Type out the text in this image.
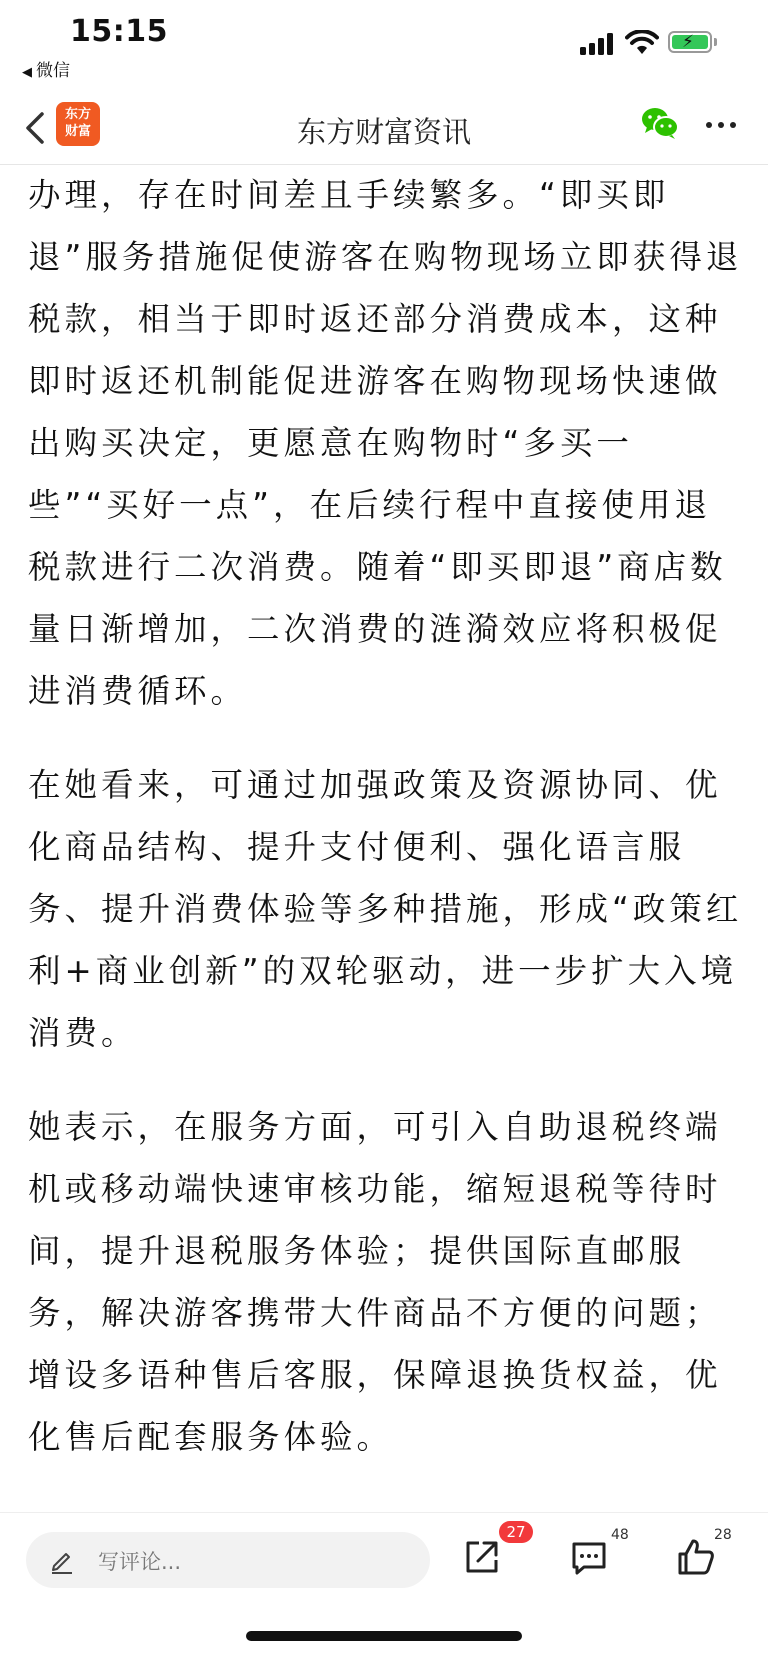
15:15
◀ 微信
⚡
东方
财富	东方财富资讯

办理，存在时间差且手续繁多。“即买即退”服务措施促使游客在购物现场立即获得退税款，相当于即时返还部分消费成本，这种即时返还机制能促进游客在购物现场快速做出购买决定，更愿意在购物时“多买一些”“买好一点”，在后续行程中直接使用退税款进行二次消费。随着“即买即退”商店数量日渐增加，二次消费的涟漪效应将积极促进消费循环。

在她看来，可通过加强政策及资源协同、优化商品结构、提升支付便利、强化语言服务、提升消费体验等多种措施，形成“政策红利+商业创新”的双轮驱动，进一步扩大入境消费。

她表示，在服务方面，可引入自助退税终端机或移动端快速审核功能，缩短退税等待时间，提升退税服务体验；提供国际直邮服务，解决游客携带大件商品不方便的问题；增设多语种售后客服，保障退换货权益，优化售后配套服务体验。

写评论...
27	48	28
